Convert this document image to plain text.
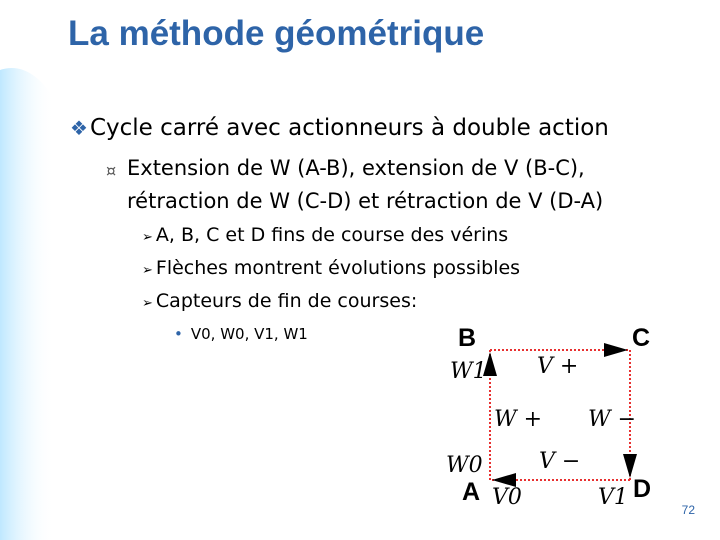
La méthode géométrique
❖Cycle carré avec actionneurs à double action
¤ Extension de W (A-B), extension de V (B-C),
rétraction de W (C-D) et rétraction de V (D-A)
➢ A, B, C et D fins de course des vérins
➢ Flèches montrent évolutions possibles
➢ Capteurs de fin de courses:
• V0, W0, V1, W1	B	C
A	D
V +
W + W −
V −
W1
W0
V0	V1	72
